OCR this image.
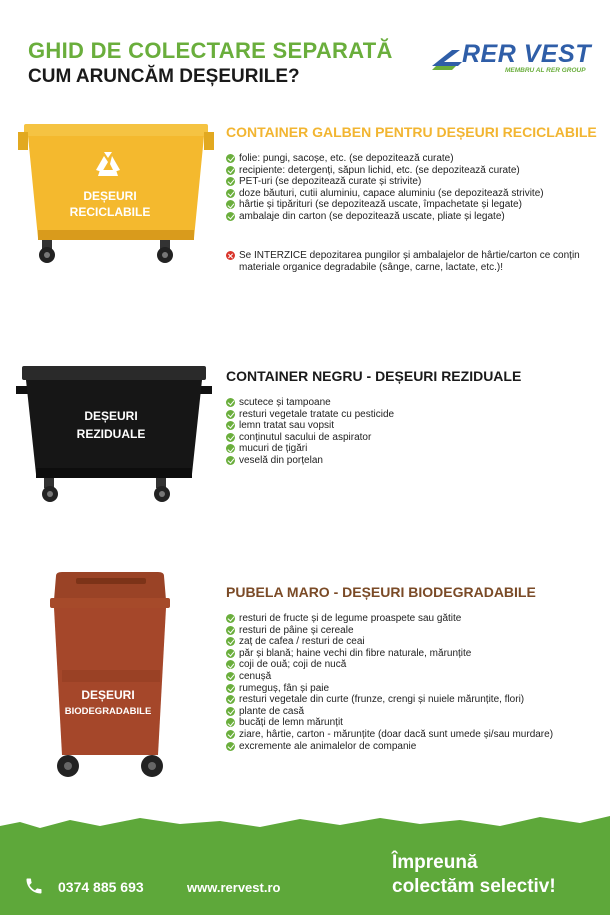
GHID DE COLECTARE SEPARATĂ
CUM ARUNCĂM DEȘEURILE?
RER VEST
MEMBRU AL RER GROUP
DEȘEURI
RECICLABILE
CONTAINER GALBEN PENTRU DEȘEURI RECICLABILE
folie: pungi, sacoșe, etc. (se depozitează curate)
recipiente: detergenți, săpun lichid, etc. (se depozitează curate)
PET-uri (se depozitează curate și strivite)
doze băuturi, cutii aluminiu, capace aluminiu (se depozitează strivite)
hârtie și tipărituri (se depozitează uscate, împachetate și legate)
ambalaje din carton (se depozitează uscate, pliate și legate)
Se INTERZICE depozitarea pungilor și ambalajelor de hârtie/carton ce conțin materiale organice degradabile (sânge, carne, lactate, etc.)!
DEȘEURI
REZIDUALE
CONTAINER NEGRU - DEȘEURI REZIDUALE
scutece și tampoane
resturi vegetale tratate cu pesticide
lemn tratat sau vopsit
conținutul sacului de aspirator
mucuri de țigări
veselă din porțelan
DEȘEURI
BIODEGRADABILE
PUBELA MARO - DEȘEURI BIODEGRADABILE
resturi de fructe și de legume proaspete sau gătite
resturi de pâine și cereale
zaț de cafea / resturi de ceai
păr și blană; haine vechi din fibre naturale, mărunțite
coji de ouă; coji de nucă
cenușă
rumeguș, fân și paie
resturi vegetale din curte (frunze, crengi și nuiele mărunțite, flori)
plante de casă
bucăți de lemn mărunțit
ziare, hârtie, carton - mărunțite (doar dacă sunt umede și/sau murdare)
excremente ale animalelor de companie
0374 885 693	www.rervest.ro
Împreună
colectăm selectiv!
